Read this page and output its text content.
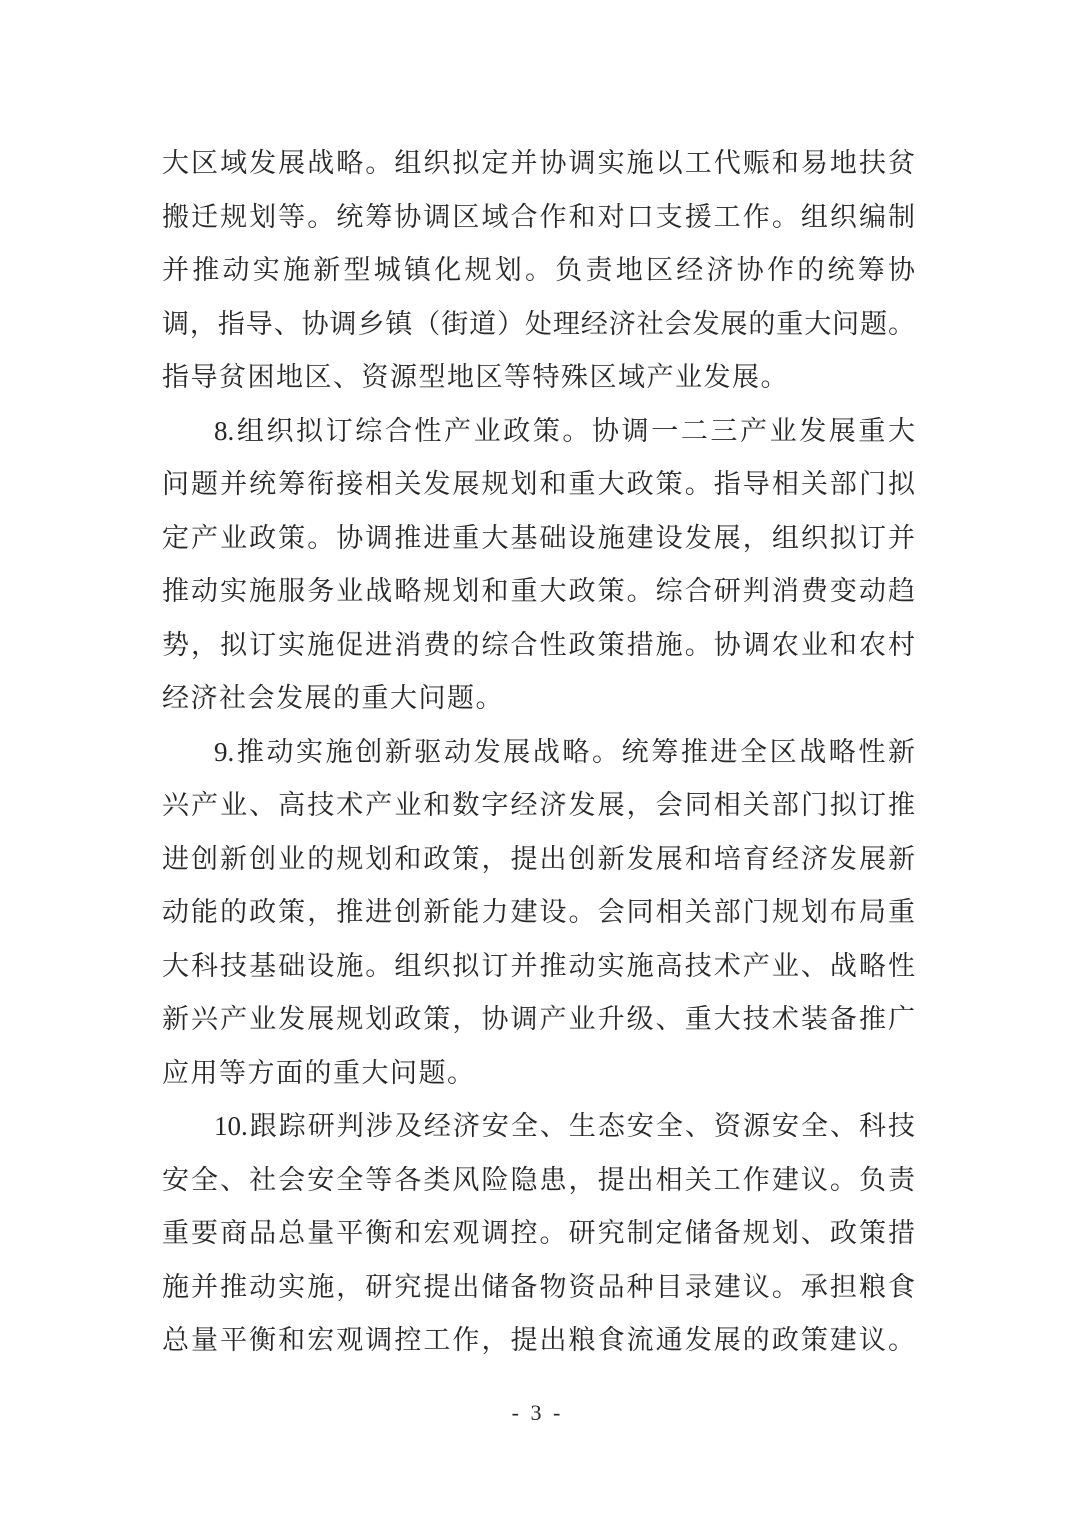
大区域发展战略。组织拟定并协调实施以工代赈和易地扶贫
搬迁规划等。统筹协调区域合作和对口支援工作。组织编制
并推动实施新型城镇化规划。负责地区经济协作的统筹协
调，指导、协调乡镇（街道）处理经济社会发展的重大问题。
指导贫困地区、资源型地区等特殊区域产业发展。
8.组织拟订综合性产业政策。协调一二三产业发展重大
问题并统筹衔接相关发展规划和重大政策。指导相关部门拟
定产业政策。协调推进重大基础设施建设发展，组织拟订并
推动实施服务业战略规划和重大政策。综合研判消费变动趋
势，拟订实施促进消费的综合性政策措施。协调农业和农村
经济社会发展的重大问题。
9.推动实施创新驱动发展战略。统筹推进全区战略性新
兴产业、高技术产业和数字经济发展，会同相关部门拟订推
进创新创业的规划和政策，提出创新发展和培育经济发展新
动能的政策，推进创新能力建设。会同相关部门规划布局重
大科技基础设施。组织拟订并推动实施高技术产业、战略性
新兴产业发展规划政策，协调产业升级、重大技术装备推广
应用等方面的重大问题。
10.跟踪研判涉及经济安全、生态安全、资源安全、科技
安全、社会安全等各类风险隐患，提出相关工作建议。负责
重要商品总量平衡和宏观调控。研究制定储备规划、政策措
施并推动实施，研究提出储备物资品种目录建议。承担粮食
总量平衡和宏观调控工作，提出粮食流通发展的政策建议。
- 3 -
